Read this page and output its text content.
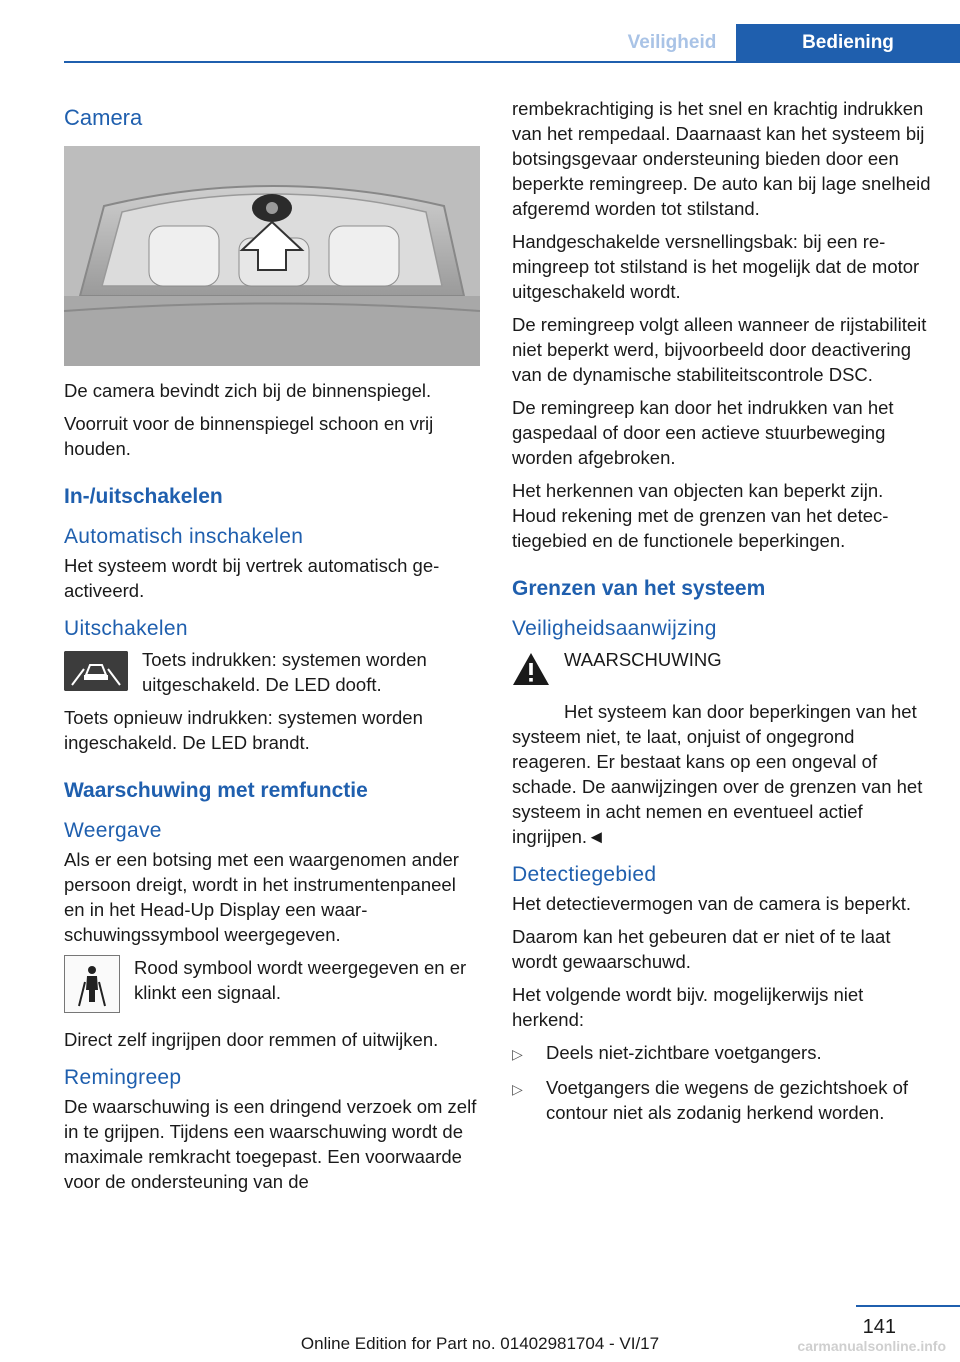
Veiligheid	Bediening
Camera

De camera bevindt zich bij de binnenspiegel.

Voorruit voor de binnenspiegel schoon en vrij houden.

In-/uitschakelen
Automatisch inschakelen

Het systeem wordt bij vertrek automatisch geactiveerd.

Uitschakelen
Toets indrukken: systemen worden uitgeschakeld. De LED dooft.

Toets opnieuw indrukken: systemen worden ingeschakeld. De LED brandt.

Waarschuwing met remfunctie
Weergave

Als er een botsing met een waargenomen ander persoon dreigt, wordt in het instrumentenpaneel en in het Head-Up Display een waarschuwingssymbool weergegeven.

Rood symbool wordt weergegeven en er klinkt een signaal.

Direct zelf ingrijpen door remmen of uitwijken.

Remingreep

De waarschuwing is een dringend verzoek om zelf in te grijpen. Tijdens een waarschuwing wordt de maximale remkracht toegepast. Een voorwaarde voor de ondersteuning van de

rembekrachtiging is het snel en krachtig indrukken van het rempedaal. Daarnaast kan het systeem bij botsingsgevaar ondersteuning bieden door een beperkte remingreep. De auto kan bij lage snelheid afgeremd worden tot stilstand.

Handgeschakelde versnellingsbak: bij een remingreep tot stilstand is het mogelijk dat de motor uitgeschakeld wordt.

De remingreep volgt alleen wanneer de rijstabiliteit niet beperkt werd, bijvoorbeeld door deactivering van de dynamische stabiliteitscontrole DSC.

De remingreep kan door het indrukken van het gaspedaal of door een actieve stuurbeweging worden afgebroken.

Het herkennen van objecten kan beperkt zijn. Houd rekening met de grenzen van het detectiegebied en de functionele beperkingen.

Grenzen van het systeem
Veiligheidsaanwijzing
WAARSCHUWING

Het systeem kan door beperkingen van het systeem niet, te laat, onjuist of ongegrond reageren. Er bestaat kans op een ongeval of schade. De aanwijzingen over de grenzen van het systeem in acht nemen en eventueel actief ingrijpen.◄

Detectiegebied

Het detectievermogen van de camera is beperkt.

Daarom kan het gebeuren dat er niet of te laat wordt gewaarschuwd.

Het volgende wordt bijv. mogelijkerwijs niet herkend:

▷	Deels niet-zichtbare voetgangers.
▷	Voetgangers die wegens de gezichtshoek of contour niet als zodanig herkend worden.
141
Online Edition for Part no. 01402981704 - VI/17	carmanualsonline.info
